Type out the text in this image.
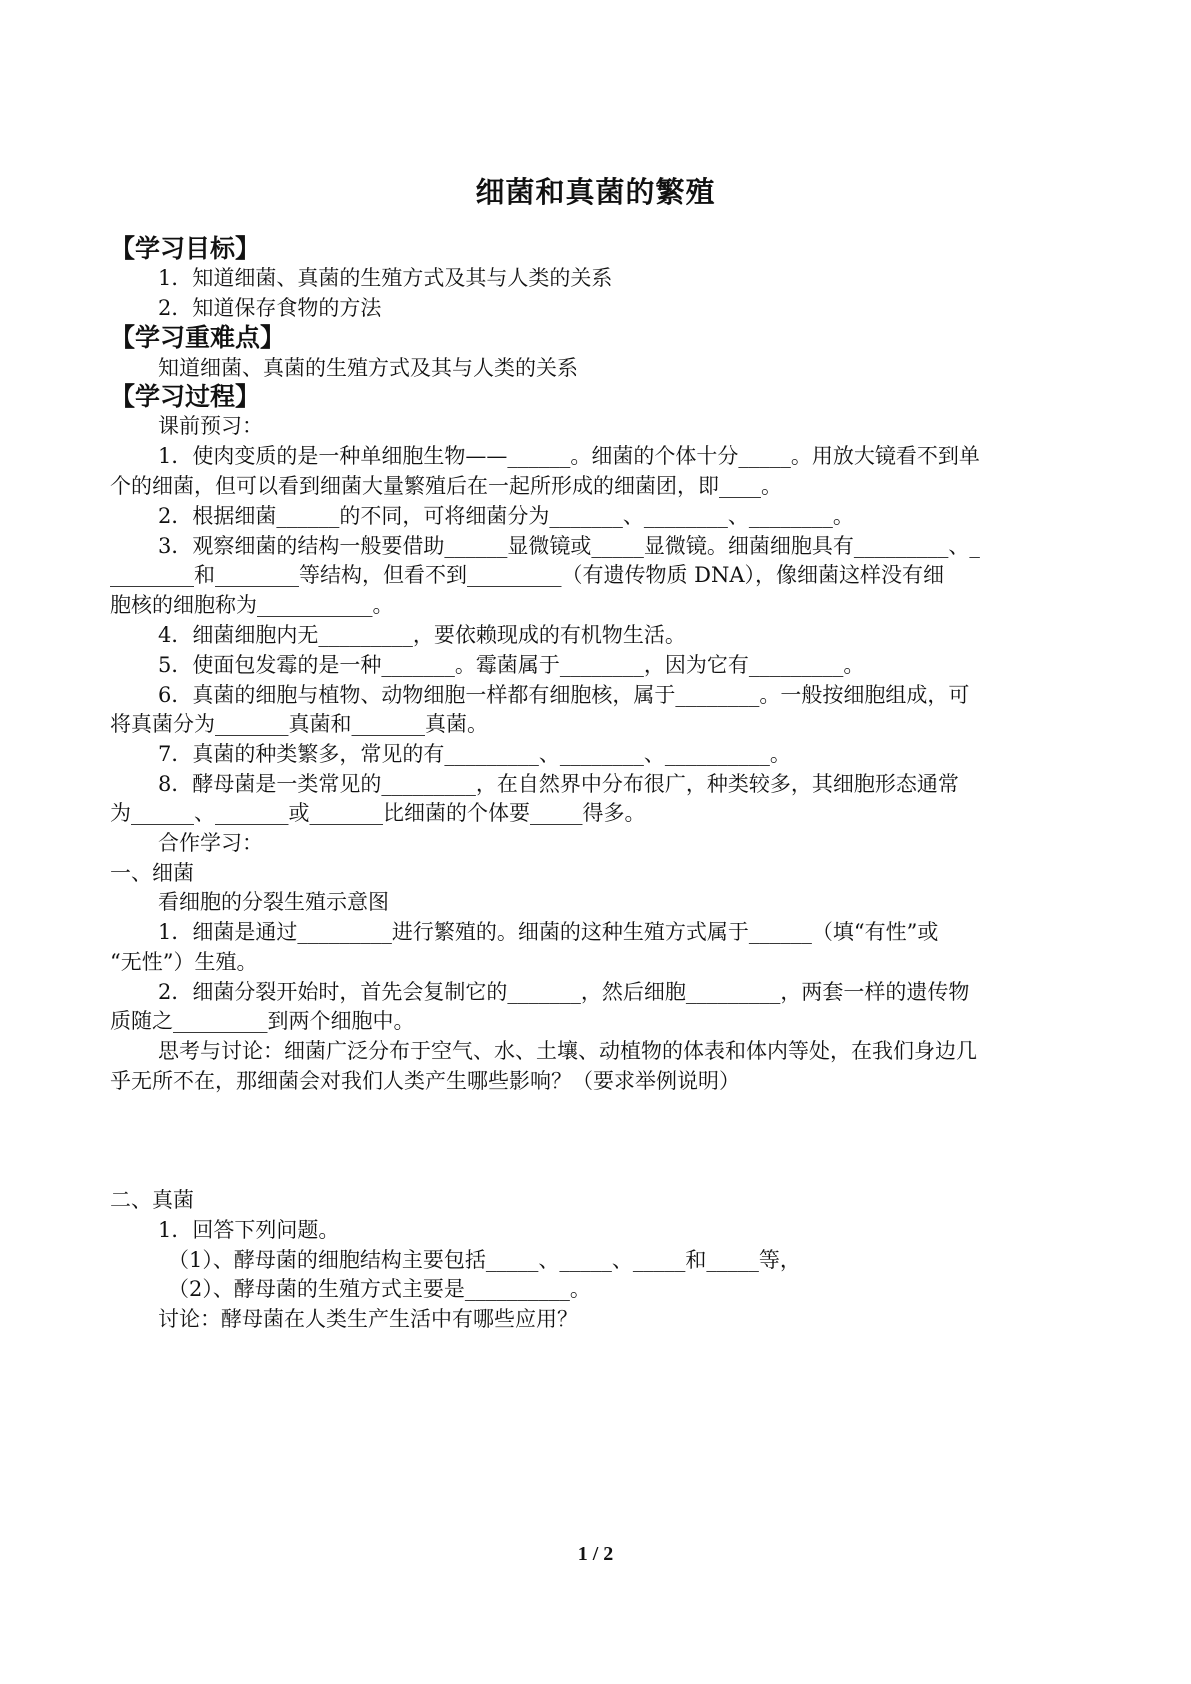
细菌和真菌的繁殖
【学习目标】
1．知道细菌、真菌的生殖方式及其与人类的关系
2．知道保存食物的方法
【学习重难点】
知道细菌、真菌的生殖方式及其与人类的关系
【学习过程】
课前预习：
1．使肉变质的是一种单细胞生物——______。细菌的个体十分_____。用放大镜看不到单
个的细菌，但可以看到细菌大量繁殖后在一起所形成的细菌团，即____。
2．根据细菌______的不同，可将细菌分为_______、________、________。
3．观察细菌的结构一般要借助______显微镜或_____显微镜。细菌细胞具有_________、_
________和________等结构，但看不到_________（有遗传物质 DNA），像细菌这样没有细
胞核的细胞称为___________。
4．细菌细胞内无_________，要依赖现成的有机物生活。
5．使面包发霉的是一种_______。霉菌属于________，因为它有_________。
6．真菌的细胞与植物、动物细胞一样都有细胞核，属于________。一般按细胞组成，可
将真菌分为_______真菌和_______真菌。
7．真菌的种类繁多，常见的有_________、________、__________。
8．酵母菌是一类常见的_________，在自然界中分布很广，种类较多，其细胞形态通常
为______、_______或_______比细菌的个体要_____得多。
合作学习：
一、细菌
看细胞的分裂生殖示意图
1．细菌是通过_________进行繁殖的。细菌的这种生殖方式属于______（填“有性”或
“无性”）生殖。
2．细菌分裂开始时，首先会复制它的_______，然后细胞_________，两套一样的遗传物
质随之_________到两个细胞中。
思考与讨论：细菌广泛分布于空气、水、土壤、动植物的体表和体内等处，在我们身边几
乎无所不在，那细菌会对我们人类产生哪些影响？（要求举例说明）
二、真菌
1．回答下列问题。
（1）、酵母菌的细胞结构主要包括_____、_____、_____和_____等，
（2）、酵母菌的生殖方式主要是__________。
讨论：酵母菌在人类生产生活中有哪些应用？
1 / 2
